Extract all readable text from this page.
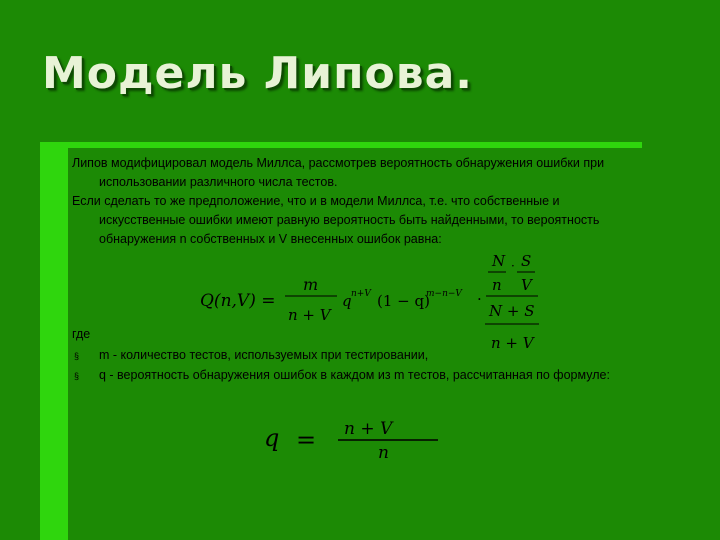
Модель Липова.

Липов модифицировал модель Миллса, рассмотрев вероятность обнаружения ошибки при
использовании различного числа тестов.

Если сделать то же предположение, что и в модели Миллса, т.е. что собственные и
искусственные ошибки имеют равную вероятность быть найденными, то вероятность
обнаружения n собственных и V внесенных ошибок равна:

Q(n,V) =
m
n + V
q n+V (1 − q)
m−n−V ·
N · S
n V
N + S
n + V
где
§	m - количество тестов, используемых при тестировании,
§	q - вероятность обнаружения ошибок в каждом из m тестов, рассчитанная по формуле:
q = n + V
n
